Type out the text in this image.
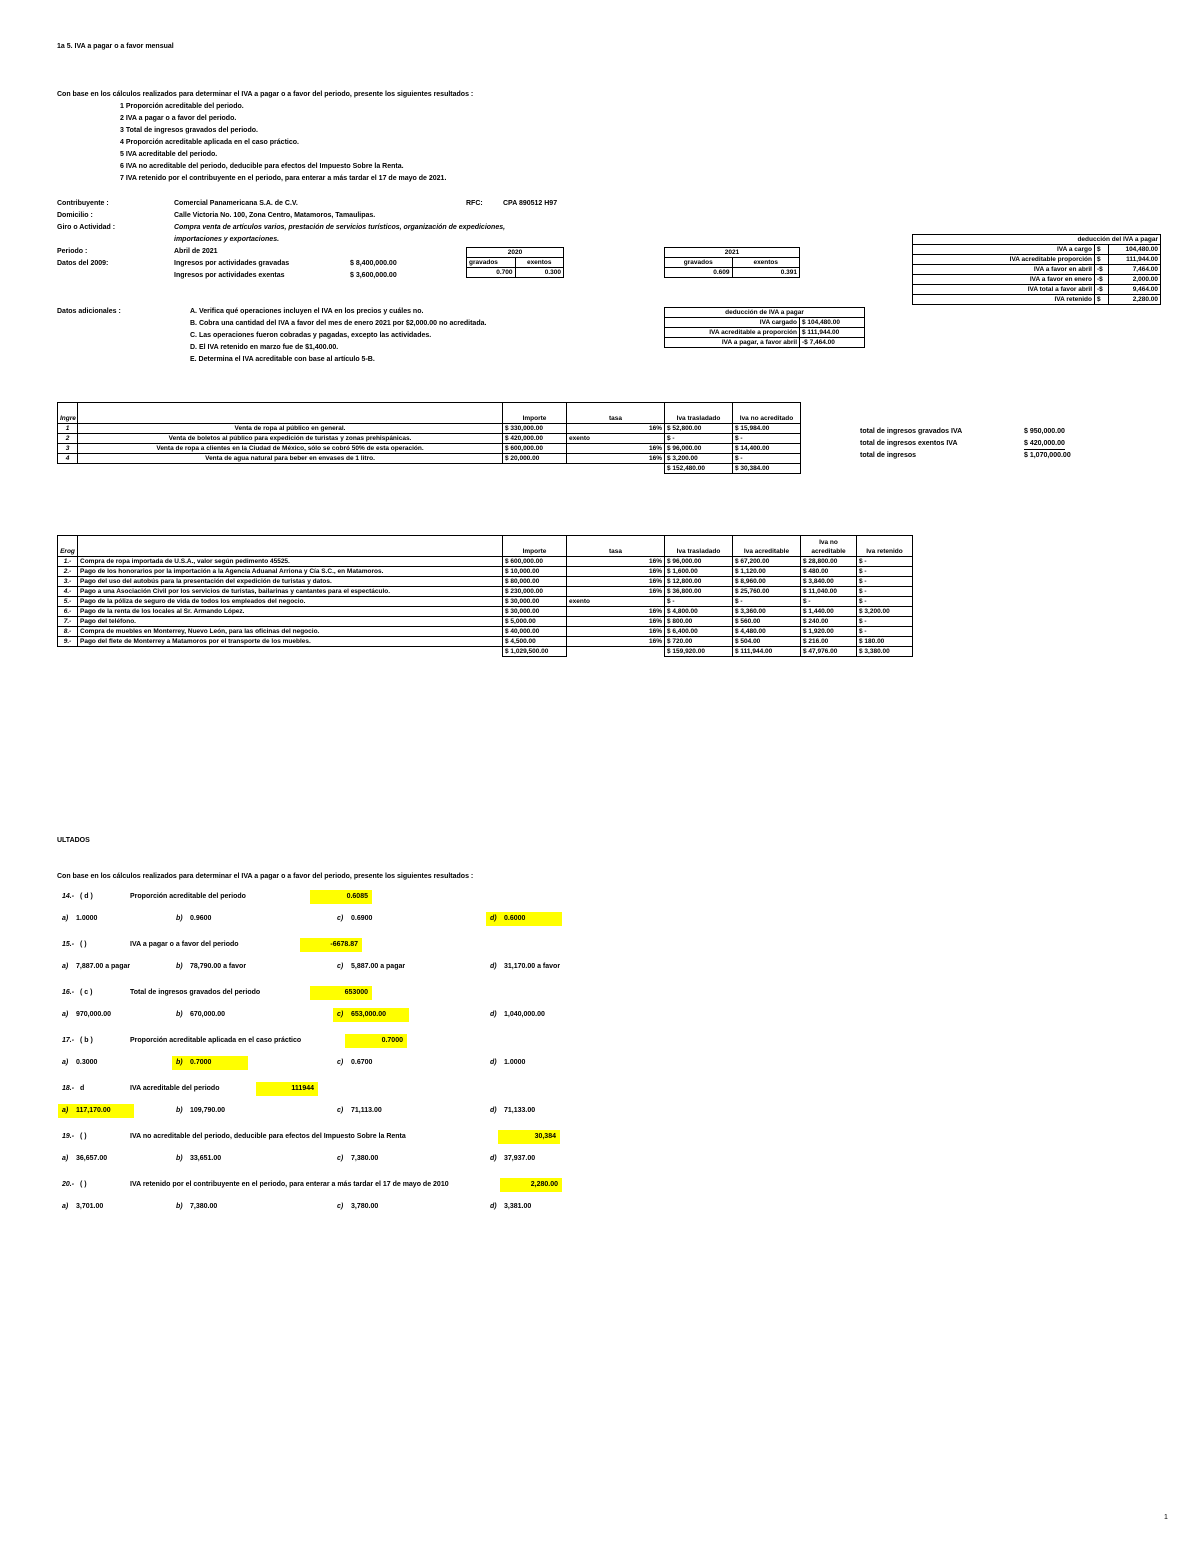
1a 5. IVA a pagar o a favor mensual
Con base en los cálculos realizados para determinar el IVA a pagar o a favor del periodo, presente los siguientes resultados :
1 Proporción acreditable del periodo.
2 IVA a pagar o a favor del periodo.
3 Total de ingresos gravados del periodo.
4 Proporción acreditable aplicada en el caso práctico.
5 IVA acreditable del periodo.
6 IVA no acreditable del periodo, deducible para efectos del Impuesto Sobre la Renta.
7 IVA retenido por el contribuyente en el periodo, para enterar a más tardar el 17 de mayo de 2021.
Contribuyente :	Comercial Panamericana S.A. de C.V.	RFC:	CPA 890512 H97
Domicilio :	Calle Victoria No. 100, Zona Centro, Matamoros, Tamaulipas.
Giro o Actividad :	Compra venta de artículos varios, prestación de servicios turísticos, organización de expediciones,
importaciones y exportaciones.
Periodo :	Abril de 2021
Datos del 2009:	Ingresos por actividades gravadas	$ 8,400,000.00
Ingresos por actividades exentas	$ 3,600,000.00
2020	
gravados	exentos
0.700	0.300
2021	
gravados	exentos
0.609	0.391
deducción del IVA a pagar		
IVA a cargo	$	104,480.00
IVA acreditable proporción	$	111,944.00
IVA a favor en abril	-$	7,464.00
IVA a favor en enero	-$	2,000.00
IVA total a favor abril	-$	9,464.00
IVA retenido	$	2,280.00
Datos adicionales :	A. Verifica qué operaciones incluyen el IVA en los precios y cuáles no.
B. Cobra una cantidad del IVA a favor del mes de enero 2021 por $2,000.00 no acreditada.
C. Las operaciones fueron cobradas y pagadas, excepto las actividades.
D. El IVA retenido en marzo fue de $1,400.00.
E. Determina el IVA acreditable con base al artículo 5-B.
deducción de IVA a pagar	
IVA cargado	$ 104,480.00
IVA acreditable a proporción	$ 111,944.00
IVA a pagar, a favor abril	-$ 7,464.00
Ingre		Importe	tasa	Iva trasladado	Iva no acreditado
1	Venta de ropa al público en general.	$ 330,000.00	16%	$ 52,800.00	$ 15,984.00
2	Venta de boletos al público para expedición de turistas y zonas prehispánicas.	$ 420,000.00	exento	$ -	$ -
3	Venta de ropa a clientes en la Ciudad de México, sólo se cobró 50% de esta operación.	$ 600,000.00	16%	$ 96,000.00	$ 14,400.00
4	Venta de agua natural para beber en envases de 1 litro.	$ 20,000.00	16%	$ 3,200.00	$ -
				$ 152,480.00	$ 30,384.00
total de ingresos gravados IVA	$ 950,000.00
total de ingresos exentos IVA	$ 420,000.00
total de ingresos	$ 1,070,000.00
Erog		Importe	tasa	Iva trasladado	Iva acreditable	Iva no acreditable	Iva retenido
1.-	Compra de ropa importada de U.S.A., valor según pedimento 45525.	$ 600,000.00	16%	$ 96,000.00	$ 67,200.00	$ 28,800.00	$ -
2.-	Pago de los honorarios por la importación a la Agencia Aduanal Arriona y Cía S.C., en Matamoros.	$ 10,000.00	16%	$ 1,600.00	$ 1,120.00	$ 480.00	$ -
3.-	Pago del uso del autobús para la presentación del expedición de turistas y datos.	$ 80,000.00	16%	$ 12,800.00	$ 8,960.00	$ 3,840.00	$ -
4.-	Pago a una Asociación Civil por los servicios de turistas, bailarinas y cantantes para el espectáculo.	$ 230,000.00	16%	$ 36,800.00	$ 25,760.00	$ 11,040.00	$ -
5.-	Pago de la póliza de seguro de vida de todos los empleados del negocio.	$ 30,000.00	exento	$ -	$ -	$ -	$ -
6.-	Pago de la renta de los locales al Sr. Armando López.	$ 30,000.00	16%	$ 4,800.00	$ 3,360.00	$ 1,440.00	$ 3,200.00
7.-	Pago del teléfono.	$ 5,000.00	16%	$ 800.00	$ 560.00	$ 240.00	$ -
8.-	Compra de muebles en Monterrey, Nuevo León, para las oficinas del negocio.	$ 40,000.00	16%	$ 6,400.00	$ 4,480.00	$ 1,920.00	$ -
9.-	Pago del flete de Monterrey a Matamoros por el transporte de los muebles.	$ 4,500.00	16%	$ 720.00	$ 504.00	$ 216.00	$ 180.00
		$ 1,029,500.00		$ 159,920.00	$ 111,944.00	$ 47,976.00	$ 3,380.00
ULTADOS
Con base en los cálculos realizados para determinar el IVA a pagar o a favor del periodo, presente los siguientes resultados :
14.- ( d )	Proporción acreditable del periodo	0.6085
a) 1.0000	b) 0.9600	c) 0.6900	d) 0.6000
15.- ( )	IVA a pagar o a favor del periodo	-6678.87
a) 7,887.00 a pagar	b) 78,790.00 a favor	c) 5,887.00 a pagar	d) 31,170.00 a favor
16.- ( c )	Total de ingresos gravados del periodo	653000
a) 970,000.00	b) 670,000.00	c) 653,000.00	d) 1,040,000.00
17.- ( b )	Proporción acreditable aplicada en el caso práctico	0.7000
a) 0.3000	b) 0.7000	c) 0.6700	d) 1.0000
18.- d	IVA acreditable del periodo	111944
a) 117,170.00	b) 109,790.00	c) 71,113.00	d) 71,133.00
19.- ( )	IVA no acreditable del periodo, deducible para efectos del Impuesto Sobre la Renta	30,384
a) 36,657.00	b) 33,651.00	c) 7,380.00	d) 37,937.00
20.- ( )	IVA retenido por el contribuyente en el periodo, para enterar a más tardar el 17 de mayo de 2010	2,280.00
a) 3,701.00	b) 7,380.00	c) 3,780.00	d) 3,381.00
1
